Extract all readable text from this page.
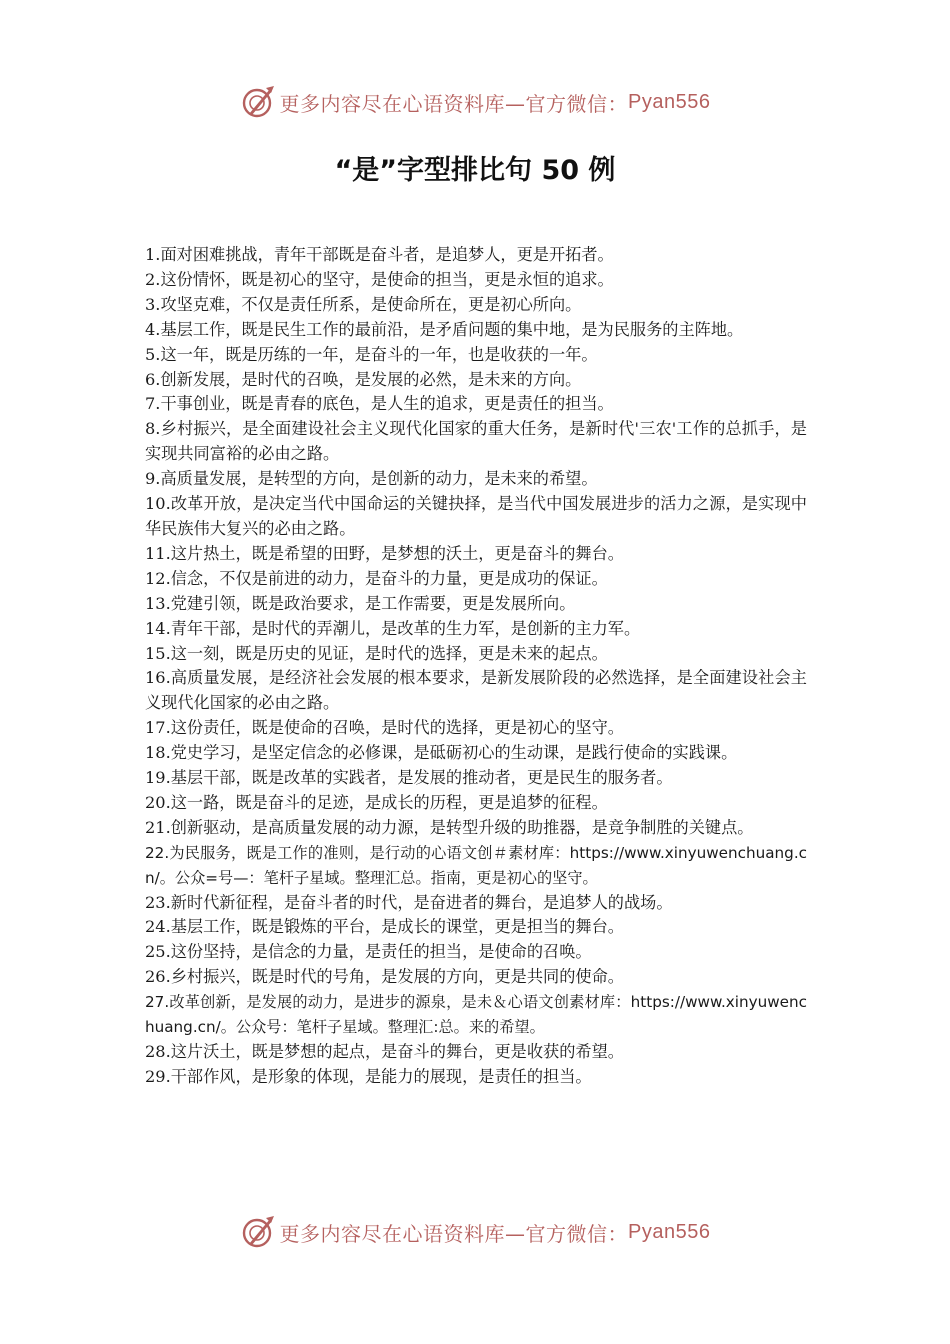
更多内容尽在心语资料库—官方微信： Pyan556
“是”字型排比句 50 例

1.面对困难挑战，青年干部既是奋斗者，是追梦人，更是开拓者。

2.这份情怀，既是初心的坚守，是使命的担当，更是永恒的追求。

3.攻坚克难，不仅是责任所系，是使命所在，更是初心所向。

4.基层工作，既是民生工作的最前沿，是矛盾问题的集中地，是为民服务的主阵地。

5.这一年，既是历练的一年，是奋斗的一年，也是收获的一年。

6.创新发展，是时代的召唤，是发展的必然，是未来的方向。

7.干事创业，既是青春的底色，是人生的追求，更是责任的担当。

8.乡村振兴，是全面建设社会主义现代化国家的重大任务，是新时代'三农'工作的总抓手，是实现共同富裕的必由之路。

9.高质量发展，是转型的方向，是创新的动力，是未来的希望。

10.改革开放，是决定当代中国命运的关键抉择，是当代中国发展进步的活力之源，是实现中华民族伟大复兴的必由之路。

11.这片热土，既是希望的田野，是梦想的沃土，更是奋斗的舞台。

12.信念，不仅是前进的动力，是奋斗的力量，更是成功的保证。

13.党建引领，既是政治要求，是工作需要，更是发展所向。

14.青年干部，是时代的弄潮儿，是改革的生力军，是创新的主力军。

15.这一刻，既是历史的见证，是时代的选择，更是未来的起点。

16.高质量发展，是经济社会发展的根本要求，是新发展阶段的必然选择，是全面建设社会主义现代化国家的必由之路。

17.这份责任，既是使命的召唤，是时代的选择，更是初心的坚守。

18.党史学习，是坚定信念的必修课，是砥砺初心的生动课，是践行使命的实践课。

19.基层干部，既是改革的实践者，是发展的推动者，更是民生的服务者。

20.这一路，既是奋斗的足迹，是成长的历程，更是追梦的征程。

21.创新驱动，是高质量发展的动力源，是转型升级的助推器，是竞争制胜的关键点。

22.为民服务，既是工作的准则，是行动的心语文创＃素材库：https://www.xinyuwenchuang.cn/。公众=号—：笔杆子星域。整理汇总。指南，更是初心的坚守。

23.新时代新征程，是奋斗者的时代，是奋进者的舞台，是追梦人的战场。

24.基层工作，既是锻炼的平台，是成长的课堂，更是担当的舞台。

25.这份坚持，是信念的力量，是责任的担当，是使命的召唤。

26.乡村振兴，既是时代的号角，是发展的方向，更是共同的使命。

27.改革创新，是发展的动力，是进步的源泉，是未＆心语文创素材库：https://www.xinyuwenchuang.cn/。公众号：笔杆子星域。整理汇:总。来的希望。

28.这片沃土，既是梦想的起点，是奋斗的舞台，更是收获的希望。

29.干部作风，是形象的体现，是能力的展现，是责任的担当。

更多内容尽在心语资料库—官方微信： Pyan556
